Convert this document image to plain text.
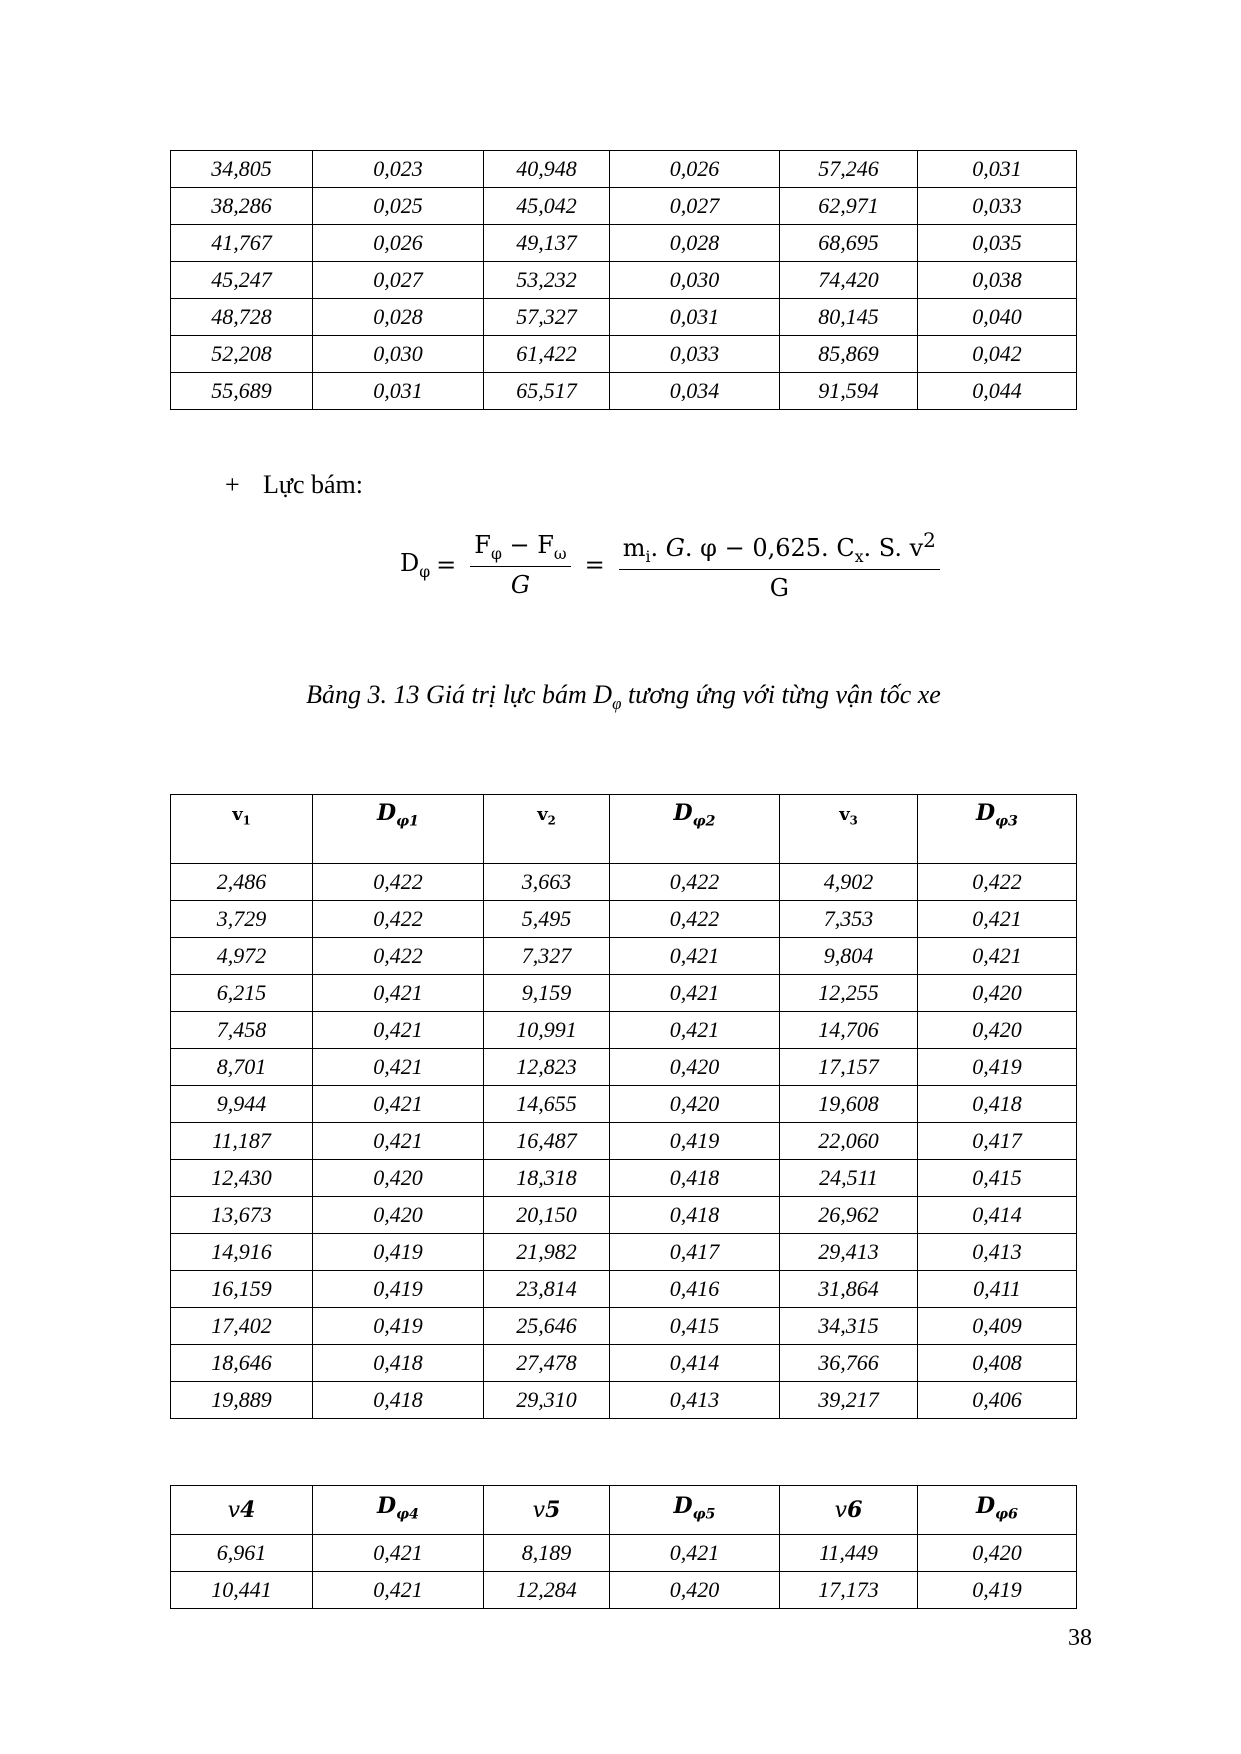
34,805	0,023	40,948	0,026	57,246	0,031
38,286	0,025	45,042	0,027	62,971	0,033
41,767	0,026	49,137	0,028	68,695	0,035
45,247	0,027	53,232	0,030	74,420	0,038
48,728	0,028	57,327	0,031	80,145	0,040
52,208	0,030	61,422	0,033	85,869	0,042
55,689	0,031	65,517	0,034	91,594	0,044
+ Lực bám:
$D_\varphi = \frac{F_\varphi - F_\omega}{G} = \frac{m_i. G. \varphi - 0,625. C_x. S. v^2}{G}$
Bảng 3. 13 Giá trị lực bám $D_\varphi$ tương ứng với từng vận tốc xe
$v_1$	$D_{\varphi 1}$	$v_2$	$D_{\varphi 2}$	$v_3$	$D_{\varphi 3}$
2,486	0,422	3,663	0,422	4,902	0,422
3,729	0,422	5,495	0,422	7,353	0,421
4,972	0,422	7,327	0,421	9,804	0,421
6,215	0,421	9,159	0,421	12,255	0,420
7,458	0,421	10,991	0,421	14,706	0,420
8,701	0,421	12,823	0,420	17,157	0,419
9,944	0,421	14,655	0,420	19,608	0,418
11,187	0,421	16,487	0,419	22,060	0,417
12,430	0,420	18,318	0,418	24,511	0,415
13,673	0,420	20,150	0,418	26,962	0,414
14,916	0,419	21,982	0,417	29,413	0,413
16,159	0,419	23,814	0,416	31,864	0,411
17,402	0,419	25,646	0,415	34,315	0,409
18,646	0,418	27,478	0,414	36,766	0,408
19,889	0,418	29,310	0,413	39,217	0,406
v4	$D_{\varphi 4}$	v5	$D_{\varphi 5}$	v6	$D_{\varphi 6}$
6,961	0,421	8,189	0,421	11,449	0,420
10,441	0,421	12,284	0,420	17,173	0,419
38
